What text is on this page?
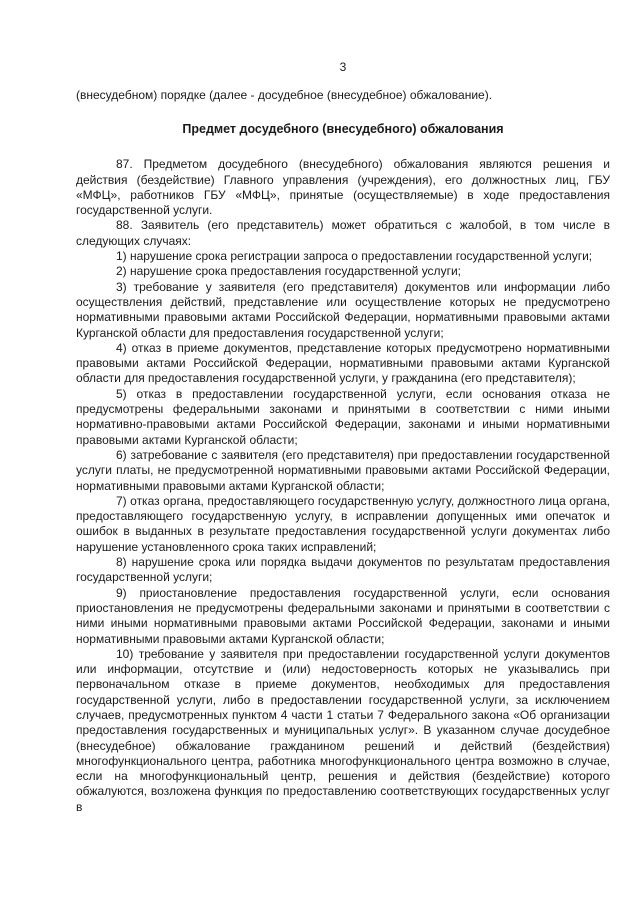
3

(внесудебном) порядке (далее - досудебное (внесудебное) обжалование).

Предмет досудебного (внесудебного) обжалования

87. Предметом досудебного (внесудебного) обжалования являются решения и действия (бездействие) Главного управления (учреждения), его должностных лиц, ГБУ «МФЦ», работников ГБУ «МФЦ», принятые (осуществляемые) в ходе предоставления государственной услуги.

88. Заявитель (его представитель) может обратиться с жалобой, в том числе в следующих случаях:

1) нарушение срока регистрации запроса о предоставлении государственной услуги;

2) нарушение срока предоставления государственной услуги;

3) требование у заявителя (его представителя) документов или информации либо осуществления действий, представление или осуществление которых не предусмотрено нормативными правовыми актами Российской Федерации, нормативными правовыми актами Курганской области для предоставления государственной услуги;

4) отказ в приеме документов, представление которых предусмотрено нормативными правовыми актами Российской Федерации, нормативными правовыми актами Курганской области для предоставления государственной услуги, у гражданина (его представителя);

5) отказ в предоставлении государственной услуги, если основания отказа не предусмотрены федеральными законами и принятыми в соответствии с ними иными нормативно-правовыми актами Российской Федерации, законами и иными нормативными правовыми актами Курганской области;

6) затребование с заявителя (его представителя) при предоставлении государственной услуги платы, не предусмотренной нормативными правовыми актами Российской Федерации, нормативными правовыми актами Курганской области;

7) отказ органа, предоставляющего государственную услугу, должностного лица органа, предоставляющего государственную услугу, в исправлении допущенных ими опечаток и ошибок в выданных в результате предоставления государственной услуги документах либо нарушение установленного срока таких исправлений;

8) нарушение срока или порядка выдачи документов по результатам предоставления государственной услуги;

9) приостановление предоставления государственной услуги, если основания приостановления не предусмотрены федеральными законами и принятыми в соответствии с ними иными нормативными правовыми актами Российской Федерации, законами и иными нормативными правовыми актами Курганской области;

10) требование у заявителя при предоставлении государственной услуги документов или информации, отсутствие и (или) недостоверность которых не указывались при первоначальном отказе в приеме документов, необходимых для предоставления государственной услуги, либо в предоставлении государственной услуги, за исключением случаев, предусмотренных пунктом 4 части 1 статьи 7 Федерального закона «Об организации предоставления государственных и муниципальных услуг». В указанном случае досудебное (внесудебное) обжалование гражданином решений и действий (бездействия) многофункционального центра, работника многофункционального центра возможно в случае, если на многофункциональный центр, решения и действия (бездействие) которого обжалуются, возложена функция по предоставлению соответствующих государственных услуг в
